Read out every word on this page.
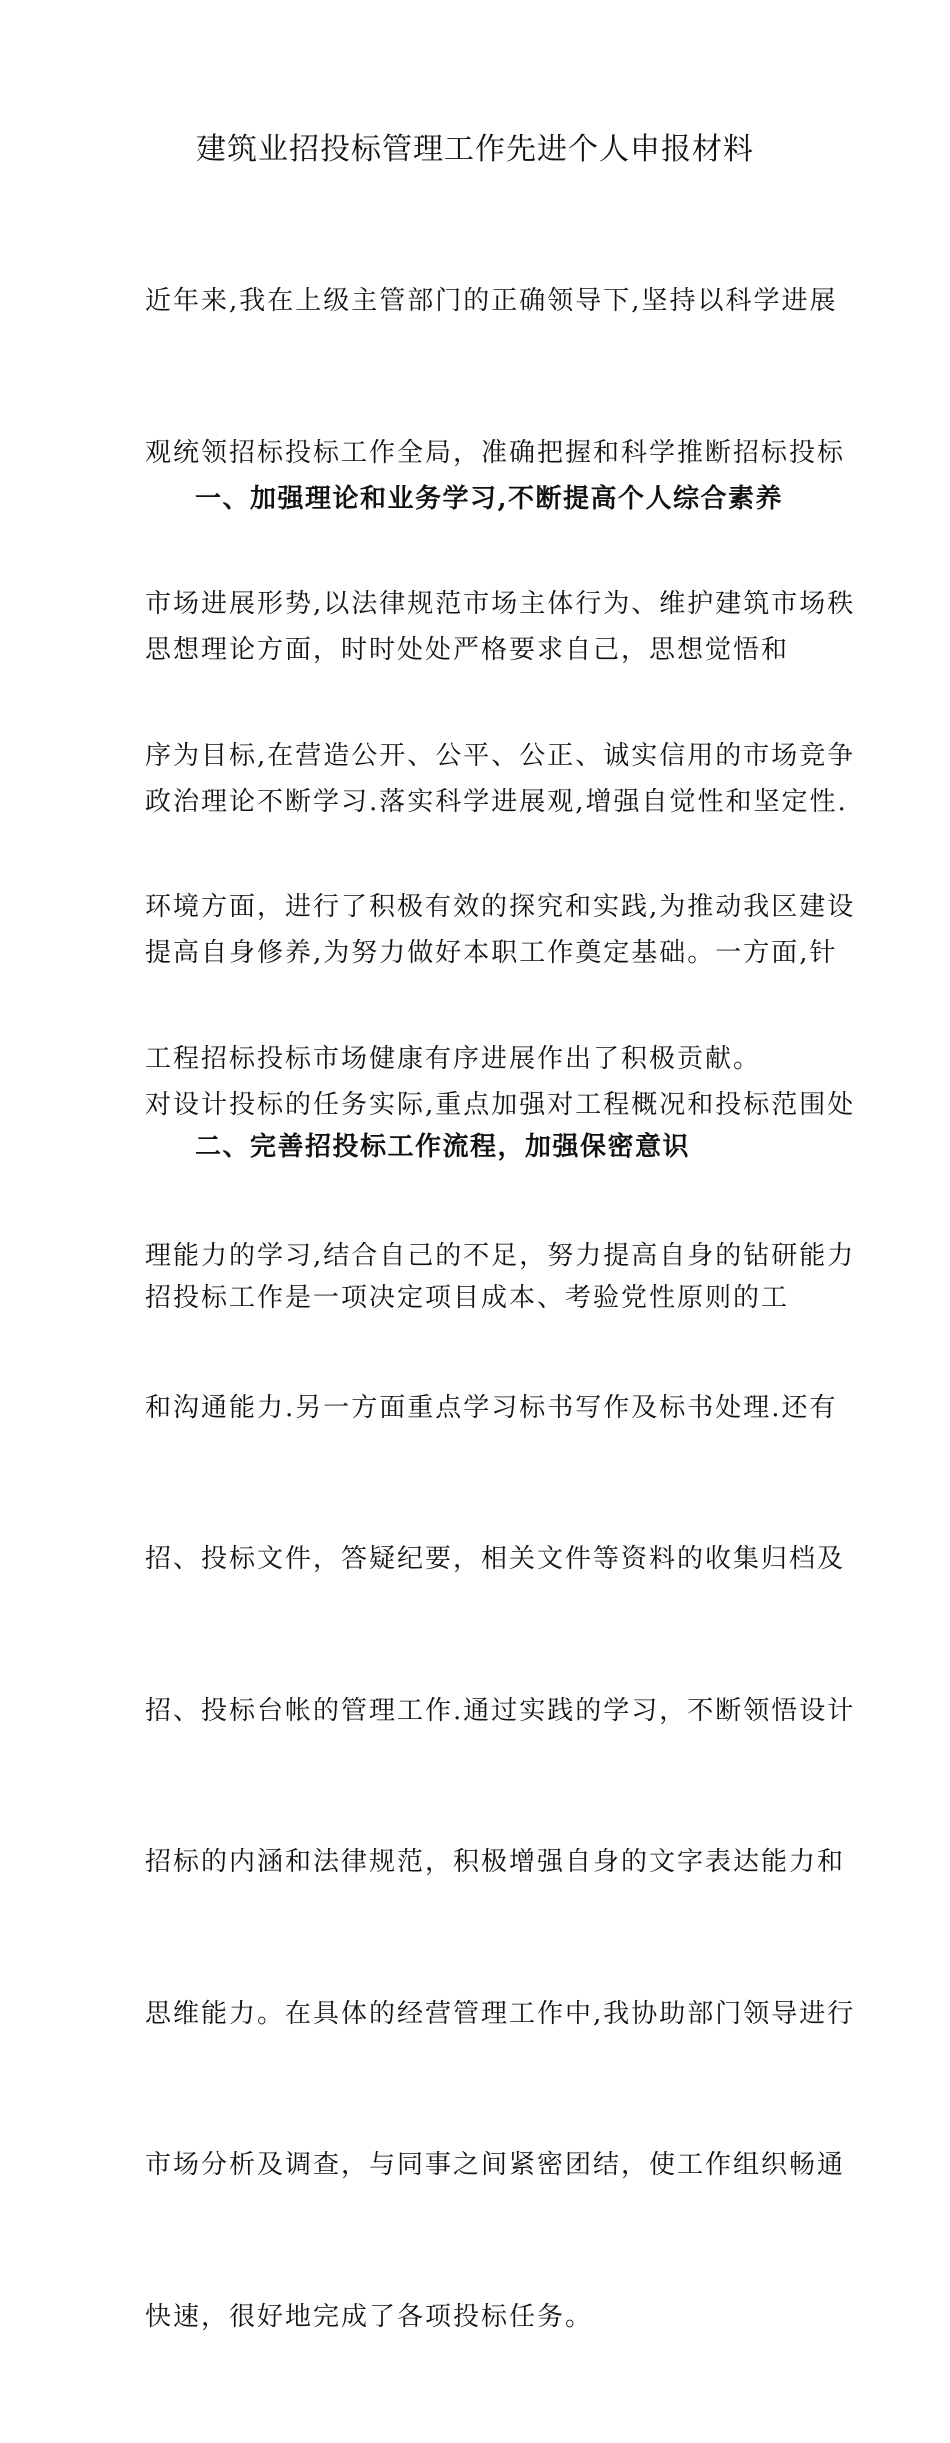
建筑业招投标管理工作先进个人申报材料

近年来,我在上级主管部门的正确领导下,坚持以科学进展

观统领招标投标工作全局，准确把握和科学推断招标投标

市场进展形势,以法律规范市场主体行为、维护建筑市场秩

序为目标,在营造公开、公平、公正、诚实信用的市场竞争

环境方面，进行了积极有效的探究和实践,为推动我区建设

工程招标投标市场健康有序进展作出了积极贡献。

一、加强理论和业务学习,不断提高个人综合素养

思想理论方面，时时处处严格要求自己，思想觉悟和

政治理论不断学习.落实科学进展观,增强自觉性和坚定性.

提高自身修养,为努力做好本职工作奠定基础。一方面,针

对设计投标的任务实际,重点加强对工程概况和投标范围处

理能力的学习,结合自己的不足，努力提高自身的钻研能力

和沟通能力.另一方面重点学习标书写作及标书处理.还有

招、投标文件，答疑纪要，相关文件等资料的收集归档及

招、投标台帐的管理工作.通过实践的学习，不断领悟设计

招标的内涵和法律规范，积极增强自身的文字表达能力和

思维能力。在具体的经营管理工作中,我协助部门领导进行

市场分析及调查，与同事之间紧密团结，使工作组织畅通

快速，很好地完成了各项投标任务。

二、完善招投标工作流程，加强保密意识

招投标工作是一项决定项目成本、考验党性原则的工
